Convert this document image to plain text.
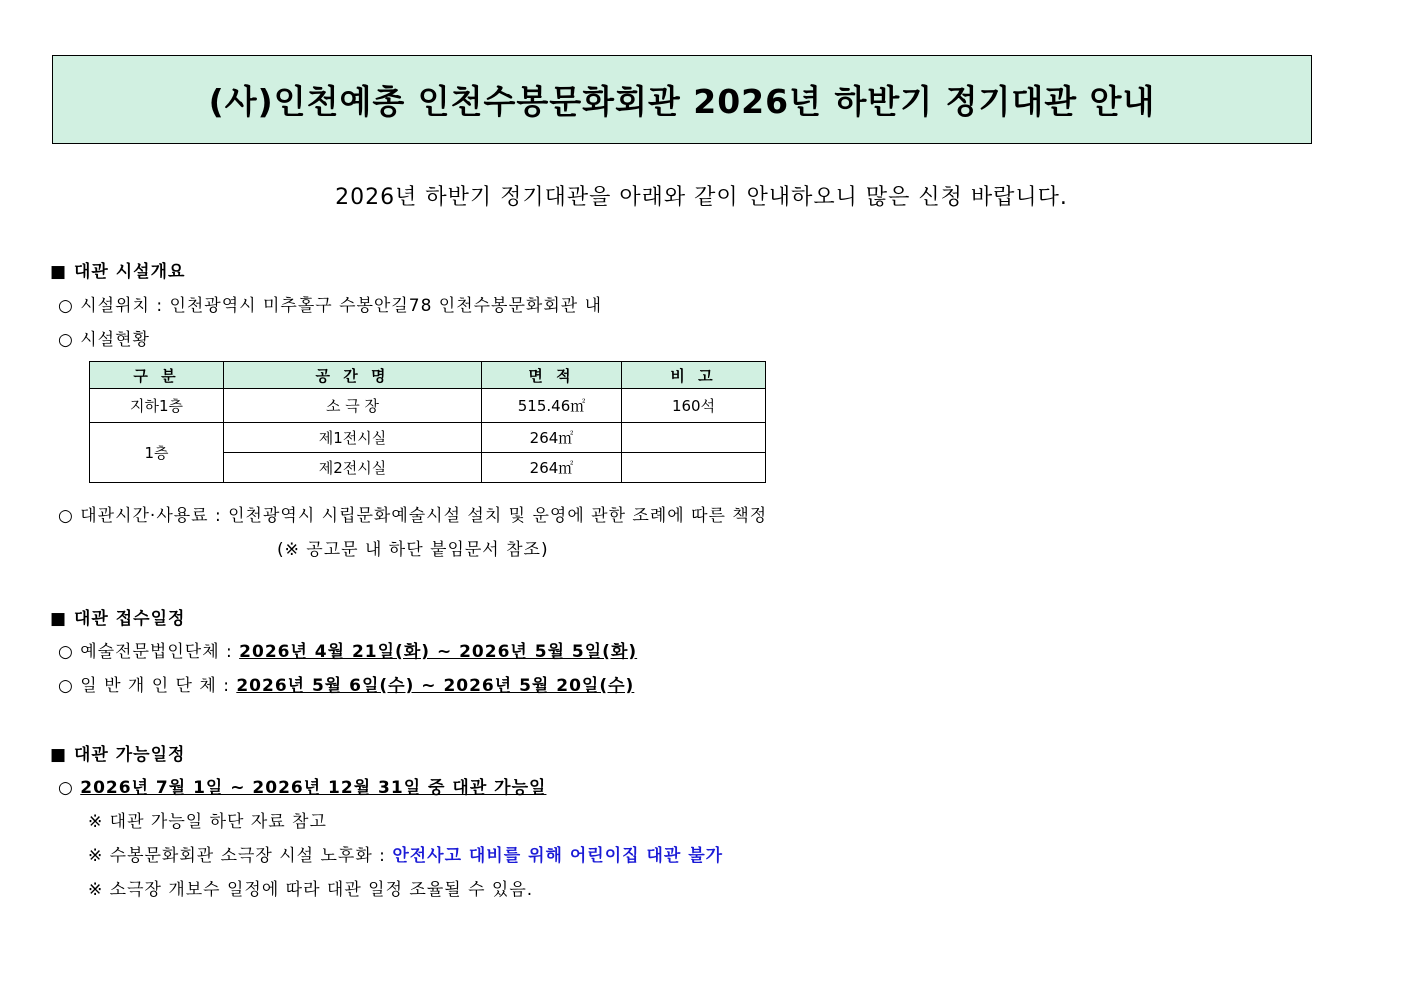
(사)인천예총 인천수봉문화회관 2026년 하반기 정기대관 안내
2026년 하반기 정기대관을 아래와 같이 안내하오니 많은 신청 바랍니다.
■ 대관 시설개요
○ 시설위치 : 인천광역시 미추홀구 수봉안길78 인천수봉문화회관 내
○ 시설현황
구 분	공 간 명	면 적	비 고
지하1층	소 극 장	515.46㎡	160석
1층	제1전시실	264㎡	
	제2전시실	264㎡	
○ 대관시간·사용료 : 인천광역시 시립문화예술시설 설치 및 운영에 관한 조례에 따른 책정
(※ 공고문 내 하단 붙임문서 참조)
■ 대관 접수일정
○ 예술전문법인단체 : 2026년 4월 21일(화) ~ 2026년 5월 5일(화)
○ 일 반 개 인 단 체 : 2026년 5월 6일(수) ~ 2026년 5월 20일(수)
■ 대관 가능일정
○ 2026년 7월 1일 ~ 2026년 12월 31일 중 대관 가능일
※ 대관 가능일 하단 자료 참고
※ 수봉문화회관 소극장 시설 노후화 : 안전사고 대비를 위해 어린이집 대관 불가
※ 소극장 개보수 일정에 따라 대관 일정 조율될 수 있음.
